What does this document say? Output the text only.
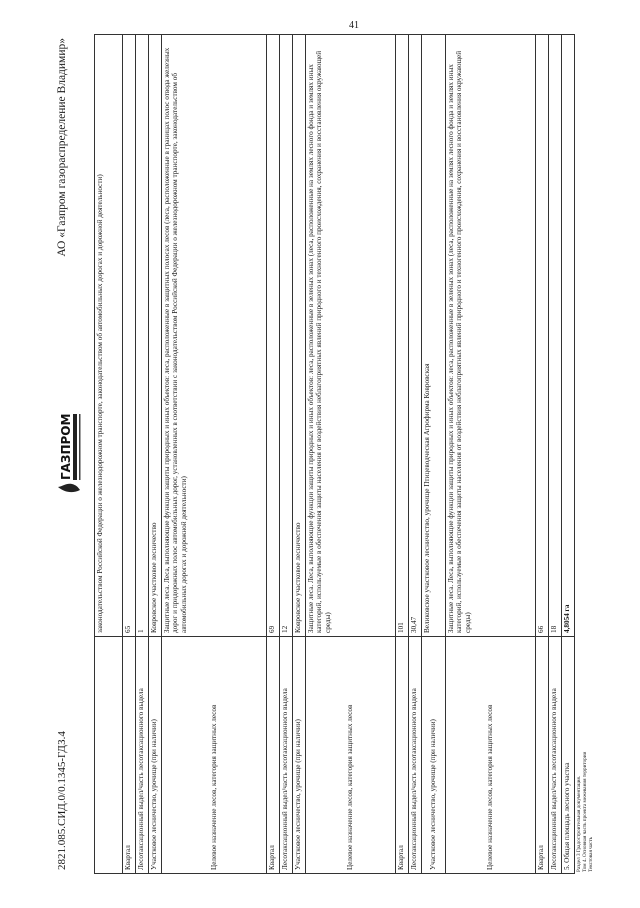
41
2821.085.СИД.0/0.1345-ГДЗ.4
ГАЗПРОМ
АО «Газпром газораспределение Владимир»
	законодательством Российской Федерации о железнодорожном транспорте, законодательством об автомобильных дорогах и дорожной деятельности)
Квартал	65
Лесотаксационный выдел/часть лесотаксационного выдела	1
Участковое лесничество, урочище (при наличии)	Ковровское участковое лесничество
Целевое назначение лесов, категория защитных лесов	Защитные леса. Леса, выполняющие функции защиты природных и иных объектов: леса, расположенные в защитных полосах лесов (леса, расположенные в границах полос отвода железных дорог и придорожных полос автомобильных дорог, установленных в соответствии с законодательством Российской Федерации о железнодорожном транспорте, законодательством об автомобильных дорогах и дорожной деятельности)
Квартал	69
Лесотаксационный выдел/часть лесотаксационного выдела	12
Участковое лесничество, урочище (при наличии)	Ковровское участковое лесничество
Целевое назначение лесов, категория защитных лесов	Защитные леса. Леса, выполняющие функции защиты природных и иных объектов: леса, расположенные в зеленых зонах (леса, расположенные на землях лесного фонда и землях иных категорий, используемые в обеспечения защиты населения от воздействия неблагоприятных явлений природного и техногенного происхождения, сохранения и восстановления окружающей среды)
Квартал	101
Лесотаксационный выдел/часть лесотаксационного выдела	30,47
Участковое лесничество, урочище (при наличии)	Великовское участковое лесничество, урочище Птицеводческая Агрофирма Ковровская
Целевое назначение лесов, категория защитных лесов	Защитные леса. Леса, выполняющие функции защиты природных и иных объектов: леса, расположенные в зеленых зонах (леса, расположенные на землях лесного фонда и землях иных категорий, используемые в обеспечения защиты населения от воздействия неблагоприятных явлений природного и техногенного происхождения, сохранения и восстановления окружающей среды)
Квартал	66
Лесотаксационный выдел/часть лесотаксационного выдела	18
5. Общая площадь лесного участка	4,8054 га
Раздел 3 Градостроительная документация. Том 4. Основная часть проекта межевания территории Текстовая часть
